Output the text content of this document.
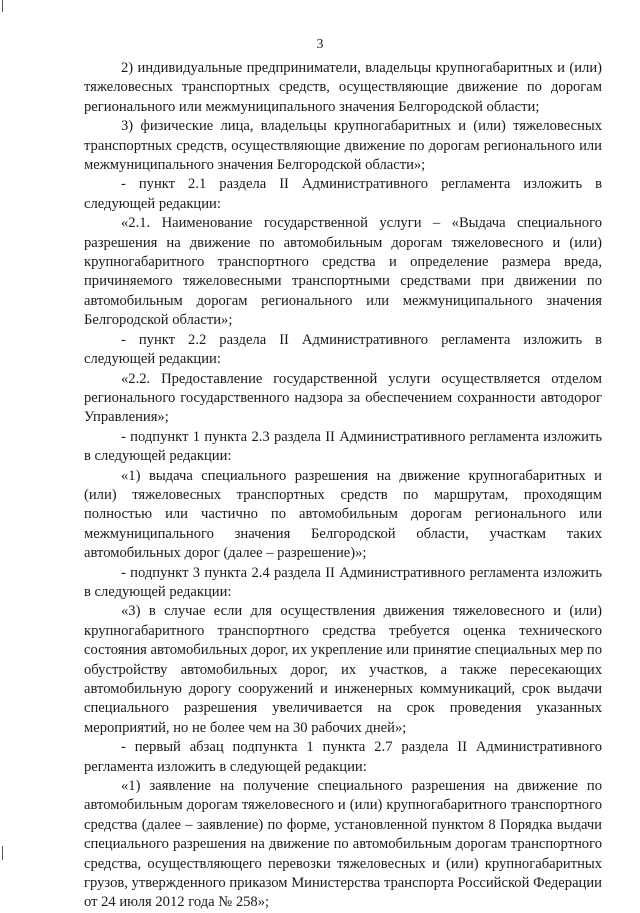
3

2) индивидуальные предприниматели, владельцы крупногабаритных и (или) тяжеловесных транспортных средств, осуществляющие движение по дорогам регионального или межмуниципального значения Белгородской области;

3) физические лица, владельцы крупногабаритных и (или) тяжеловесных транспортных средств, осуществляющие движение по дорогам регионального или межмуниципального значения Белгородской области»;

- пункт 2.1 раздела II Административного регламента изложить в следующей редакции:

«2.1. Наименование государственной услуги – «Выдача специального разрешения на движение по автомобильным дорогам тяжеловесного и (или) крупногабаритного транспортного средства и определение размера вреда, причиняемого тяжеловесными транспортными средствами при движении по автомобильным дорогам регионального или межмуниципального значения Белгородской области»;

- пункт 2.2 раздела II Административного регламента изложить в следующей редакции:

«2.2. Предоставление государственной услуги осуществляется отделом регионального государственного надзора за обеспечением сохранности автодорог Управления»;

- подпункт 1 пункта 2.3 раздела II Административного регламента изложить в следующей редакции:

«1) выдача специального разрешения на движение крупногабаритных и (или) тяжеловесных транспортных средств по маршрутам, проходящим полностью или частично по автомобильным дорогам регионального или межмуниципального значения Белгородской области, участкам таких автомобильных дорог (далее – разрешение)»;

- подпункт 3 пункта 2.4 раздела II Административного регламента изложить в следующей редакции:

«3) в случае если для осуществления движения тяжеловесного и (или) крупногабаритного транспортного средства требуется оценка технического состояния автомобильных дорог, их укрепление или принятие специальных мер по обустройству автомобильных дорог, их участков, а также пересекающих автомобильную дорогу сооружений и инженерных коммуникаций, срок выдачи специального разрешения увеличивается на срок проведения указанных мероприятий, но не более чем на 30 рабочих дней»;

- первый абзац подпункта 1 пункта 2.7 раздела II Административного регламента изложить в следующей редакции:

«1) заявление на получение специального разрешения на движение по автомобильным дорогам тяжеловесного и (или) крупногабаритного транспортного средства (далее – заявление) по форме, установленной пунктом 8 Порядка выдачи специального разрешения на движение по автомобильным дорогам транспортного средства, осуществляющего перевозки тяжеловесных и (или) крупногабаритных грузов, утвержденного приказом Министерства транспорта Российской Федерации от 24 июля 2012 года № 258»;
